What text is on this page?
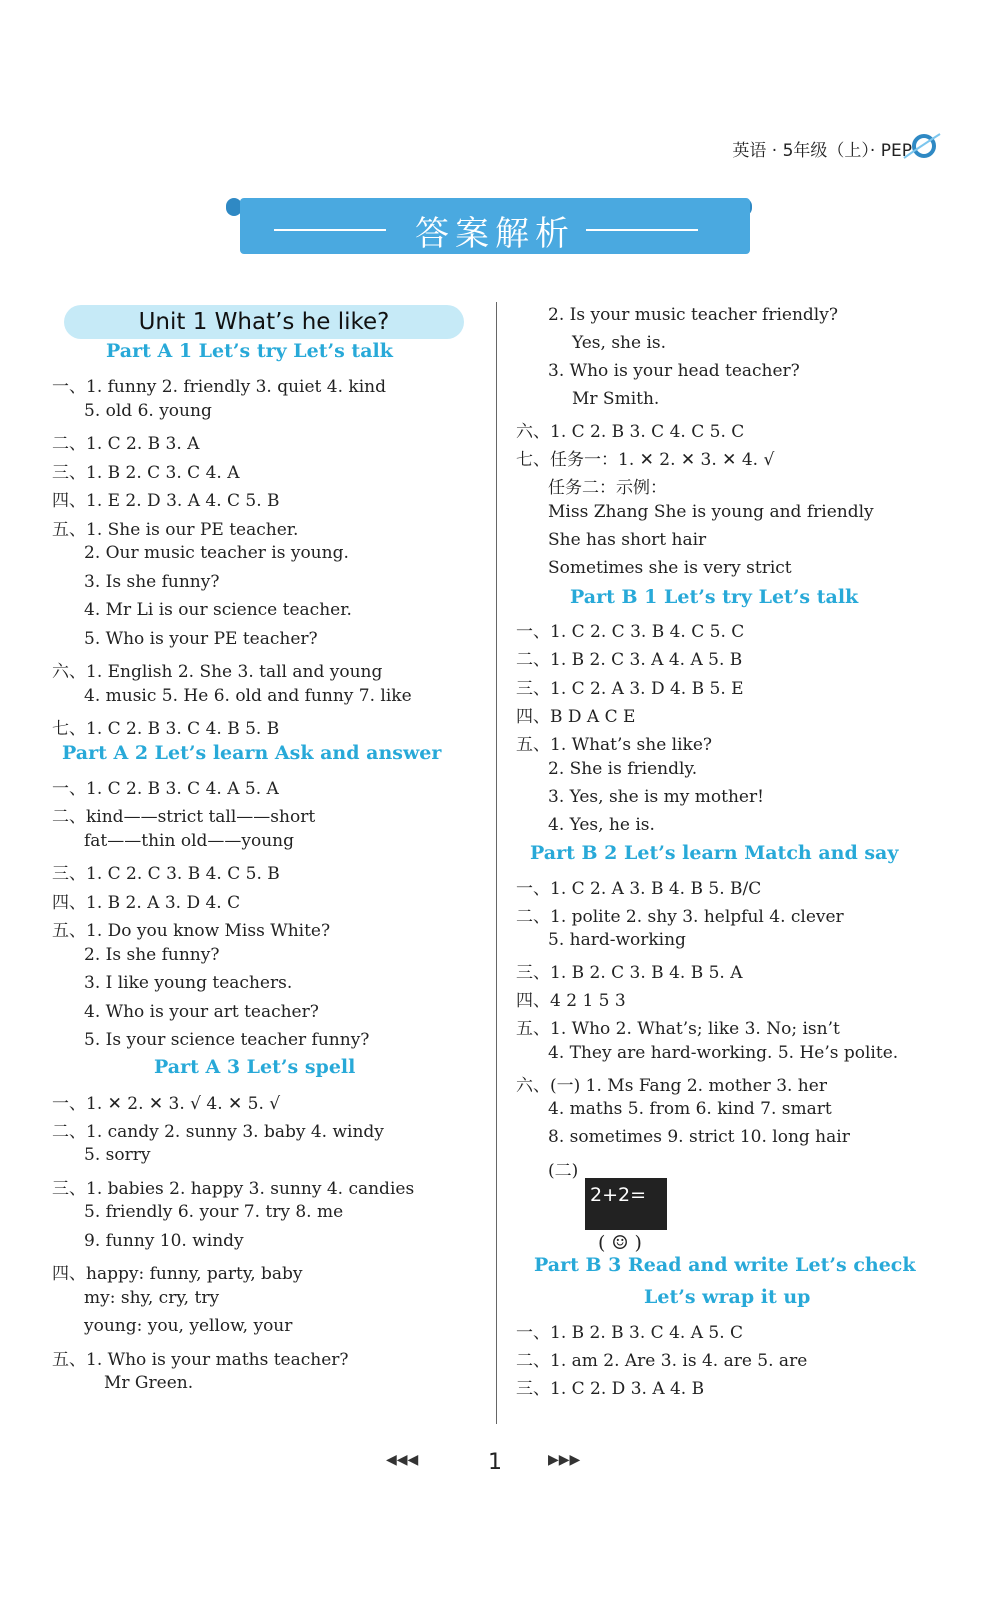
英语 · 5年级（上）· PEP
答案解析
Unit 1 What’s he like?
Part A 1 Let’s try Let’s talk
Part A 2 Let’s learn Ask and answer
Part A 3 Let’s spell
一、1. funny 2. friendly 3. quiet 4. kind
5. old 6. young
二、1. C 2. B 3. A
三、1. B 2. C 3. C 4. A
四、1. E 2. D 3. A 4. C 5. B
五、1. She is our PE teacher.
2. Our music teacher is young.
3. Is she funny?
4. Mr Li is our science teacher.
5. Who is your PE teacher?
六、1. English 2. She 3. tall and young
4. music 5. He 6. old and funny 7. like
七、1. C 2. B 3. C 4. B 5. B
一、1. C 2. B 3. C 4. A 5. A
二、kind——strict tall——short
fat——thin old——young
三、1. C 2. C 3. B 4. C 5. B
四、1. B 2. A 3. D 4. C
五、1. Do you know Miss White?
2. Is she funny?
3. I like young teachers.
4. Who is your art teacher?
5. Is your science teacher funny?
一、1. ✕ 2. ✕ 3. √ 4. ✕ 5. √
二、1. candy 2. sunny 3. baby 4. windy
5. sorry
三、1. babies 2. happy 3. sunny 4. candies
5. friendly 6. your 7. try 8. me
9. funny 10. windy
四、happy: funny, party, baby
my: shy, cry, try
young: you, yellow, your
五、1. Who is your maths teacher?
Mr Green.
2. Is your music teacher friendly?
Yes, she is.
3. Who is your head teacher?
Mr Smith.
六、1. C 2. B 3. C 4. C 5. C
七、任务一：1. ✕ 2. ✕ 3. ✕ 4. √
任务二：示例：
Miss Zhang She is young and friendly
She has short hair
Sometimes she is very strict
Part B 1 Let’s try Let’s talk
一、1. C 2. C 3. B 4. C 5. C
二、1. B 2. C 3. A 4. A 5. B
三、1. C 2. A 3. D 4. B 5. E
四、B D A C E
五、1. What’s she like?
2. She is friendly.
3. Yes, she is my mother!
4. Yes, he is.
Part B 2 Let’s learn Match and say
一、1. C 2. A 3. B 4. B 5. B/C
二、1. polite 2. shy 3. helpful 4. clever
5. hard-working
三、1. B 2. C 3. B 4. B 5. A
四、4 2 1 5 3
五、1. Who 2. What’s; like 3. No; isn’t
4. They are hard-working. 5. He’s polite.
六、(一) 1. Ms Fang 2. mother 3. her
4. maths 5. from 6. kind 7. smart
8. sometimes 9. strict 10. long hair
(二)
2+2=
( ☺ )
Part B 3 Read and write Let’s check
Let’s wrap it up
一、1. B 2. B 3. C 4. A 5. C
二、1. am 2. Are 3. is 4. are 5. are
三、1. C 2. D 3. A 4. B
◀◀◀	1	▶▶▶
